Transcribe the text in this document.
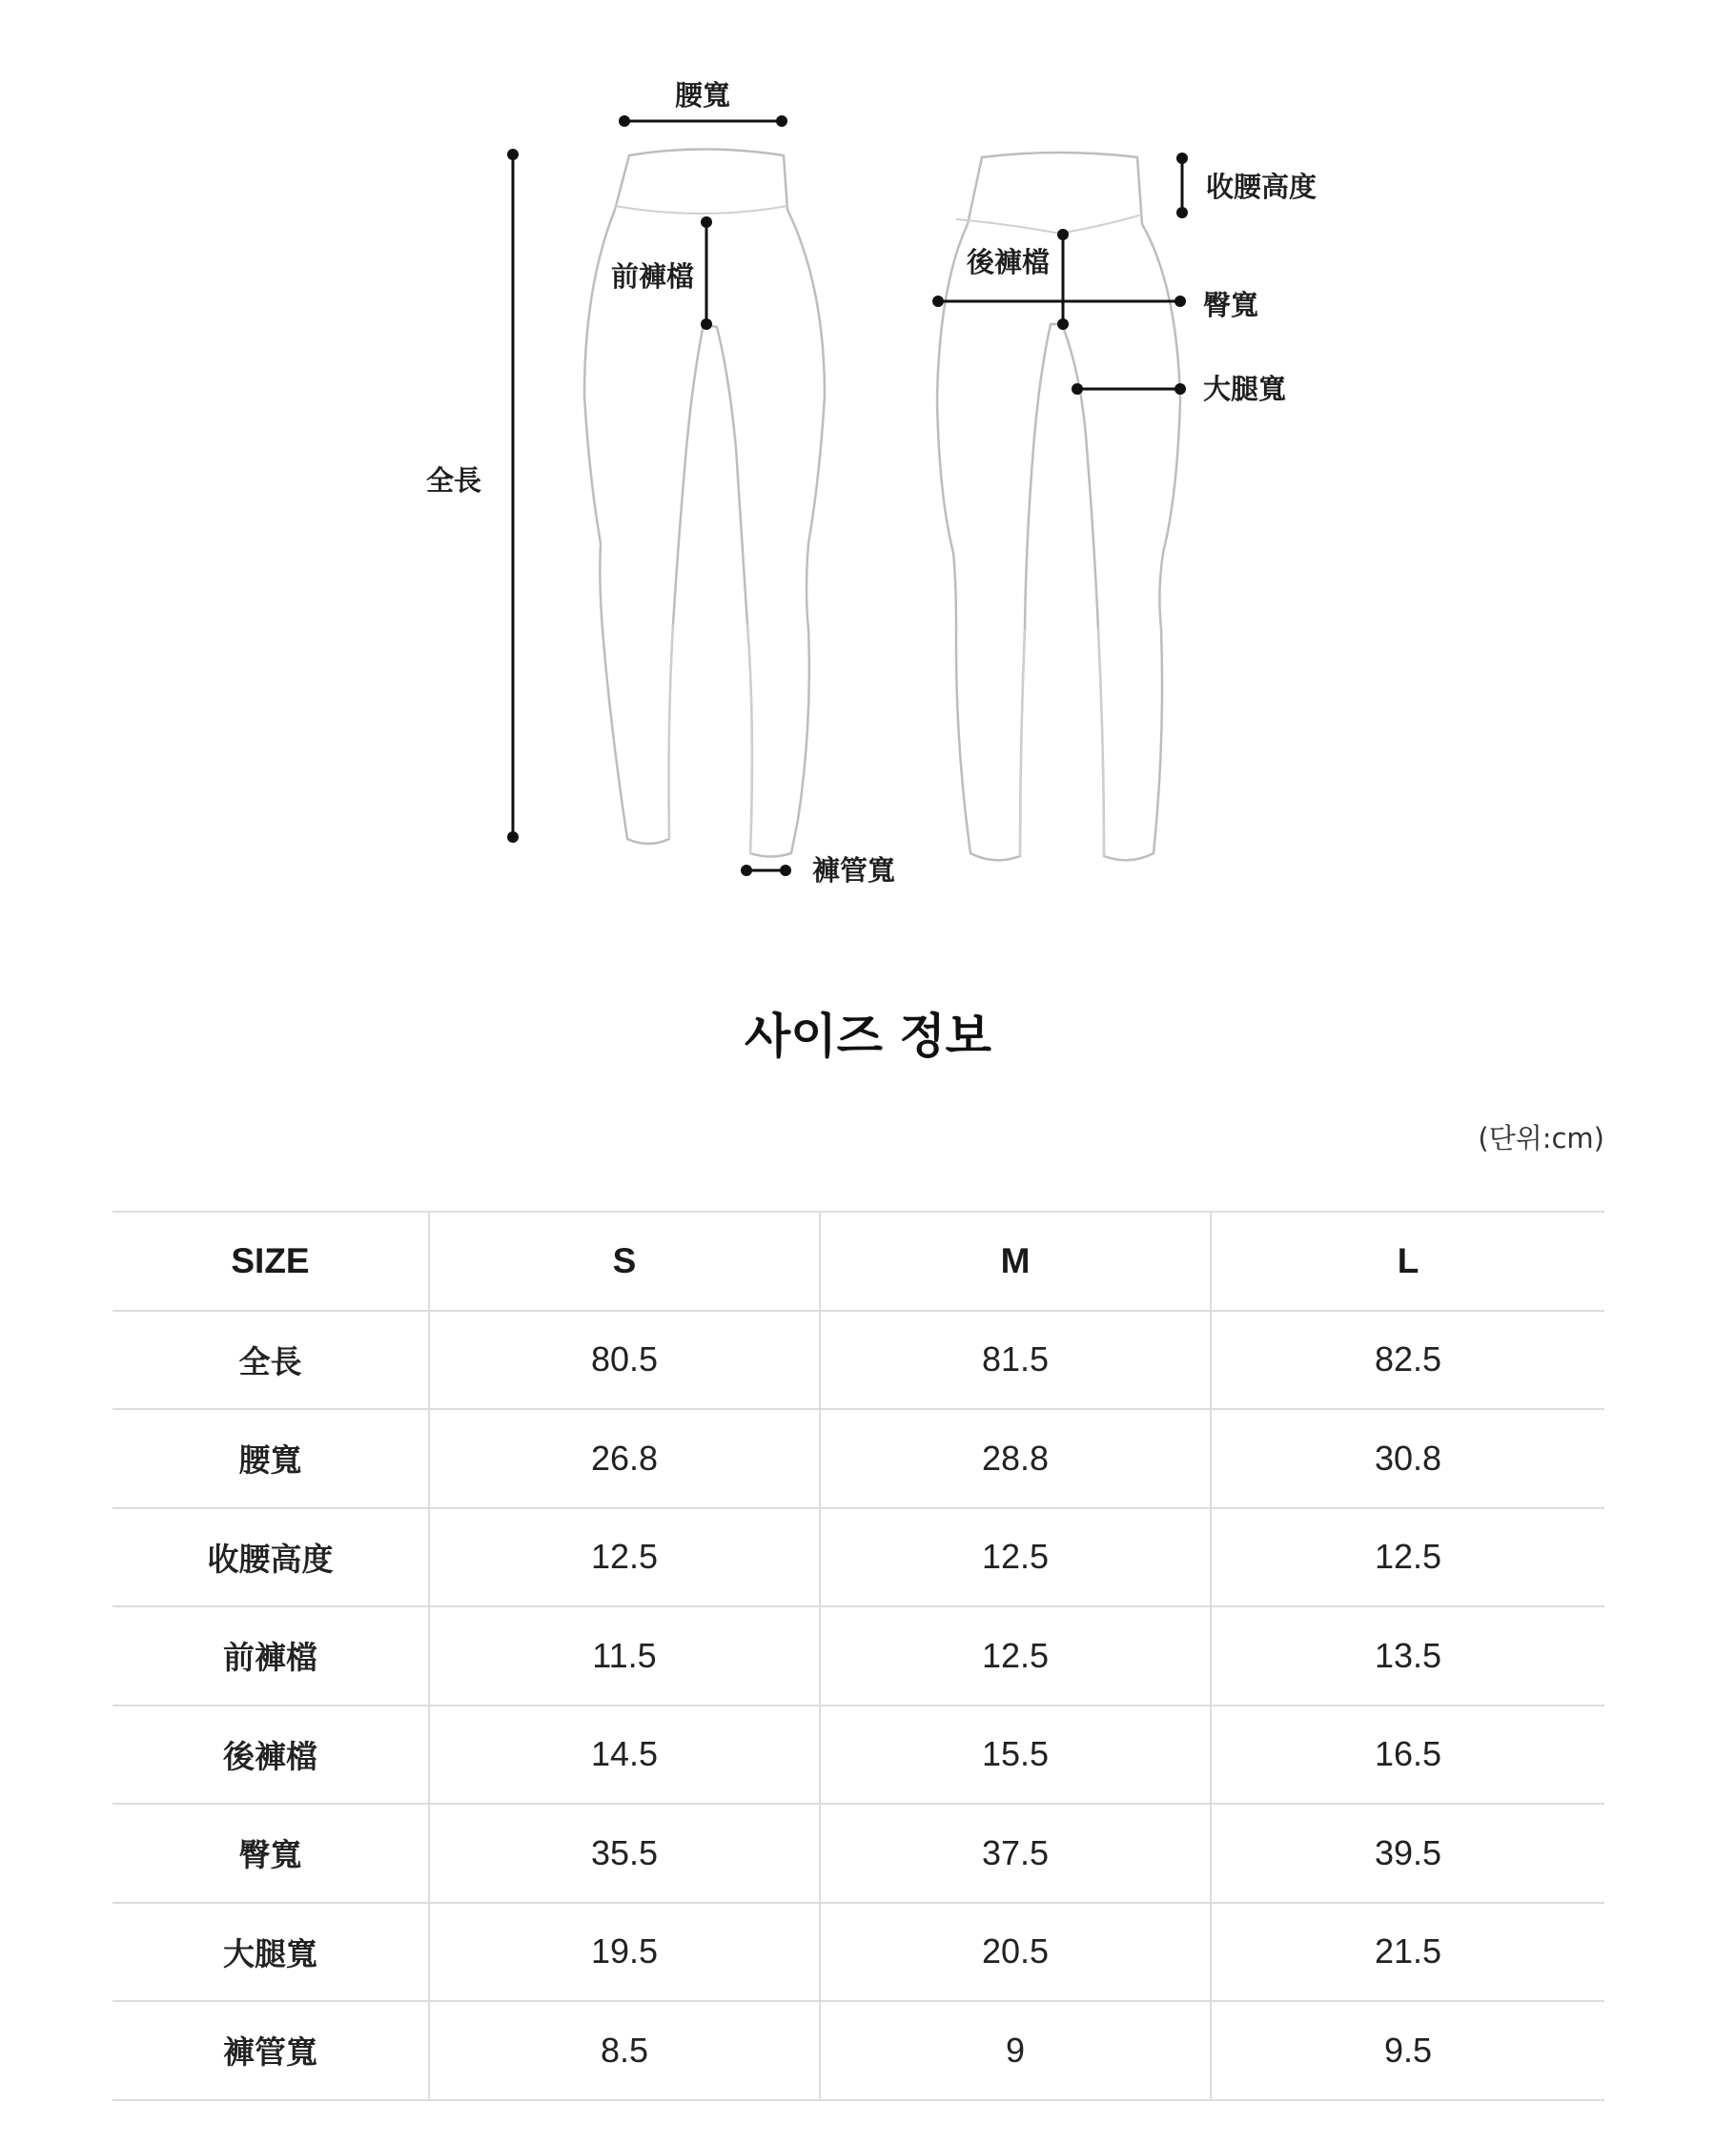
腰寬
前褲檔
全長
褲管寬
收腰高度
後褲檔
臀寬
大腿寬
사이즈 정보
(단위:cm)
SIZE	S	M	L
全長	80.5	81.5	82.5
腰寬	26.8	28.8	30.8
收腰高度	12.5	12.5	12.5
前褲檔	11.5	12.5	13.5
後褲檔	14.5	15.5	16.5
臀寬	35.5	37.5	39.5
大腿寬	19.5	20.5	21.5
褲管寬	8.5	9	9.5
